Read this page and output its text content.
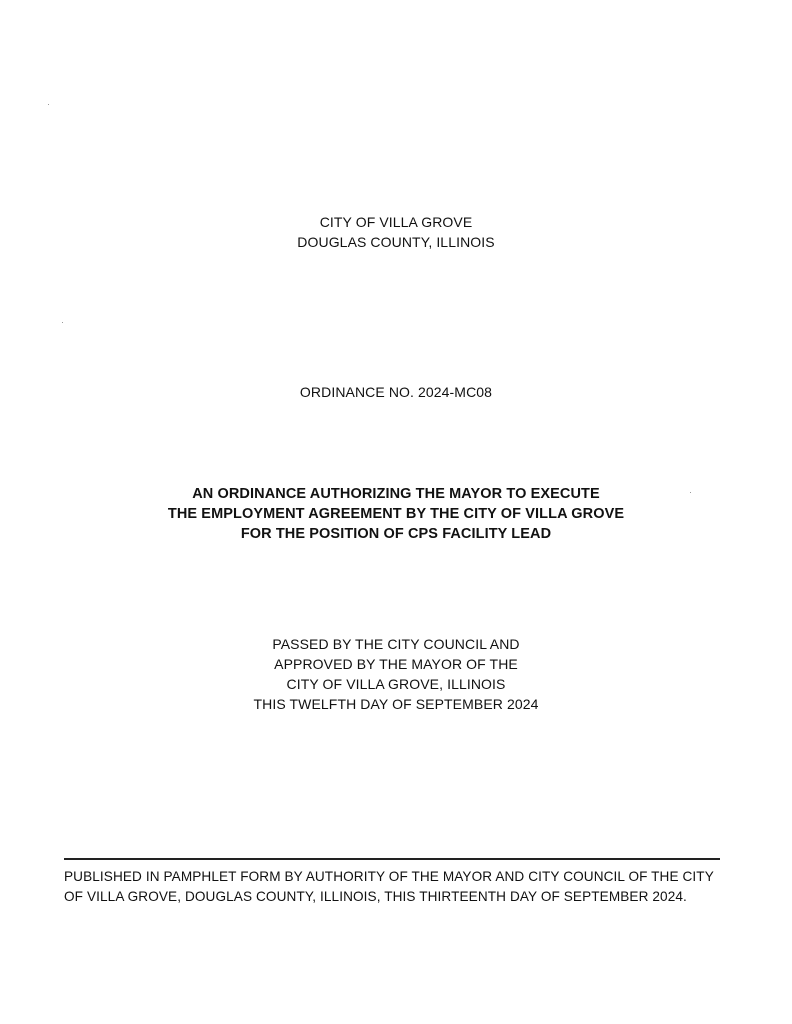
CITY OF VILLA GROVE
DOUGLAS COUNTY, ILLINOIS
ORDINANCE NO. 2024-MC08
AN ORDINANCE AUTHORIZING THE MAYOR TO EXECUTE
THE EMPLOYMENT AGREEMENT BY THE CITY OF VILLA GROVE
FOR THE POSITION OF CPS FACILITY LEAD
PASSED BY THE CITY COUNCIL AND
APPROVED BY THE MAYOR OF THE
CITY OF VILLA GROVE, ILLINOIS
THIS TWELFTH DAY OF SEPTEMBER 2024
PUBLISHED IN PAMPHLET FORM BY AUTHORITY OF THE MAYOR AND CITY COUNCIL OF THE CITY
OF VILLA GROVE, DOUGLAS COUNTY, ILLINOIS, THIS THIRTEENTH DAY OF SEPTEMBER 2024.
